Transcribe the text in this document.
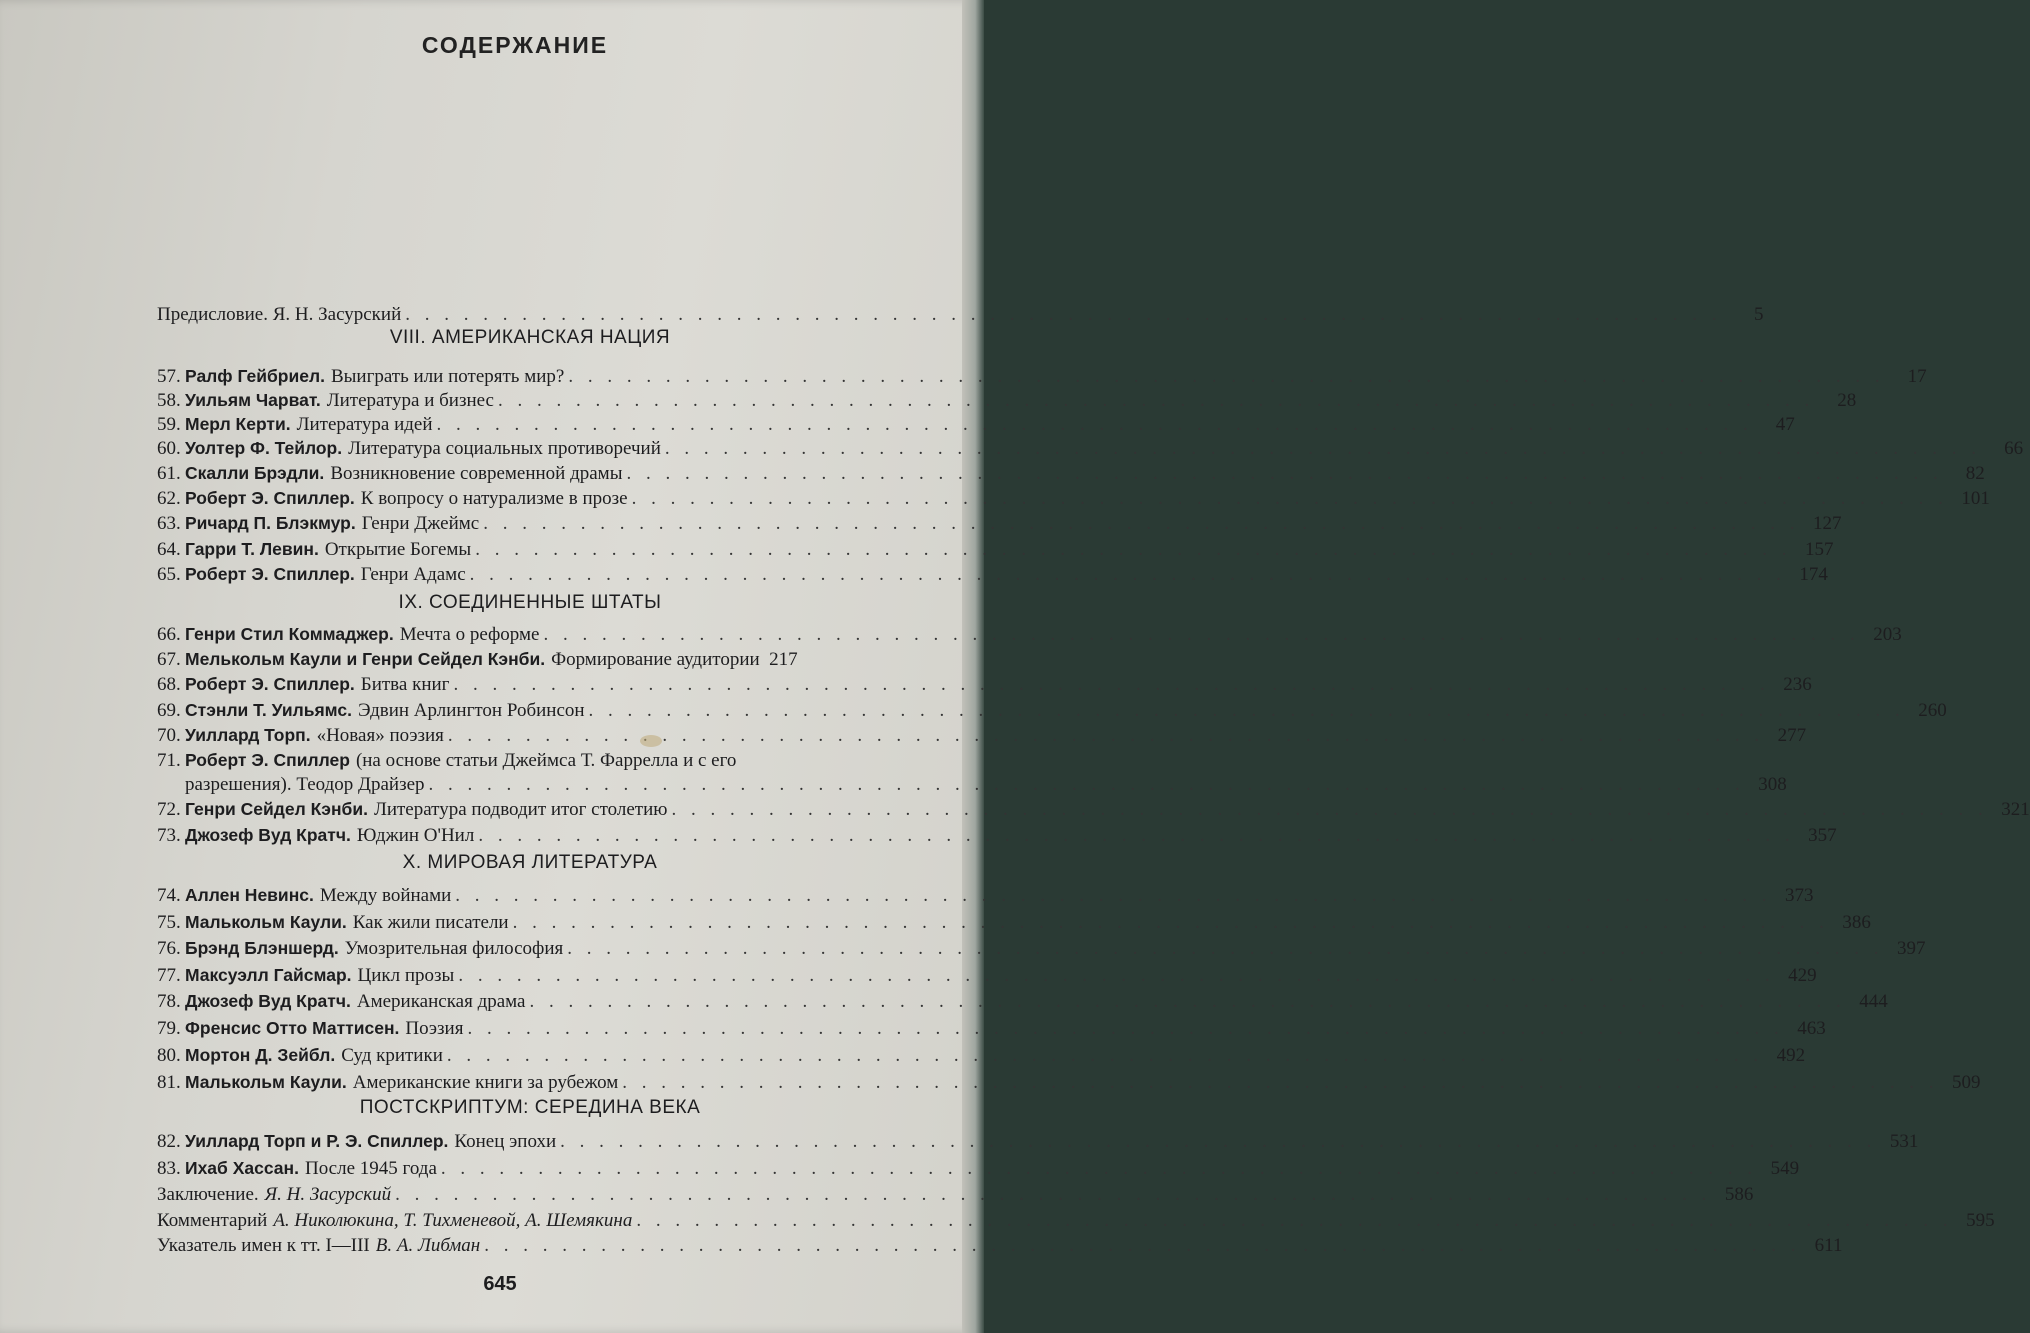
СОДЕРЖАНИЕ
Предисловие. Я. Н. Засурский . . .	5
VIII. АМЕРИКАНСКАЯ НАЦИЯ
57. Ралф Гейбриел. Выиграть или потерять мир? . . .	17
58. Уильям Чарват. Литература и бизнес . . .	28
59. Мерл Керти. Литература идей . . .	47
60. Уолтер Ф. Тейлор. Литература социальных противоречий . . .	66
61. Скалли Брэдли. Возникновение современной драмы . . .	82
62. Роберт Э. Спиллер. К вопросу о натурализме в прозе . . .	101
63. Ричард П. Блэкмур. Генри Джеймс . . .	127
64. Гарри Т. Левин. Открытие Богемы . . .	157
65. Роберт Э. Спиллер. Генри Адамс . . .	174
IX. СОЕДИНЕННЫЕ ШТАТЫ
66. Генри Стил Коммаджер. Мечта о реформе . . .	203
67. Мелькольм Каули и Генри Сейдел Кэнби. Формирование аудитории 217
68. Роберт Э. Спиллер. Битва книг . . .	236
69. Стэнли Т. Уильямс. Эдвин Арлингтон Робинсон . . .	260
70. Уиллард Торп. «Новая» поэзия . . .	277
71. Роберт Э. Спиллер (на основе статьи Джеймса Т. Фаррелла и с его
разрешения). Теодор Драйзер . . .	308
72. Генри Сейдел Кэнби. Литература подводит итог столетию . . .	321
73. Джозеф Вуд Кратч. Юджин О'Нил . . .	357
X. МИРОВАЯ ЛИТЕРАТУРА
74. Аллен Невинс. Между войнами . . .	373
75. Малькольм Каули. Как жили писатели . . .	386
76. Брэнд Блэншерд. Умозрительная философия . . .	397
77. Максуэлл Гайсмар. Цикл прозы . . .	429
78. Джозеф Вуд Кратч. Американская драма . . .	444
79. Френсис Отто Маттисен. Поэзия . . .	463
80. Мортон Д. Зейбл. Суд критики . . .	492
81. Малькольм Каули. Американские книги за рубежом . . .	509
ПОСТСКРИПТУМ: СЕРЕДИНА ВЕКА
82. Уиллард Торп и Р. Э. Спиллер. Конец эпохи . . .	531
83. Ихаб Хассан. После 1945 года . . .	549
Заключение. Я. Н. Засурский . . .	586
Комментарий А. Николюкина, Т. Тихменевой, А. Шемякина . . .	595
Указатель имен к тт. I—III В. А. Либман . . .	611
645
